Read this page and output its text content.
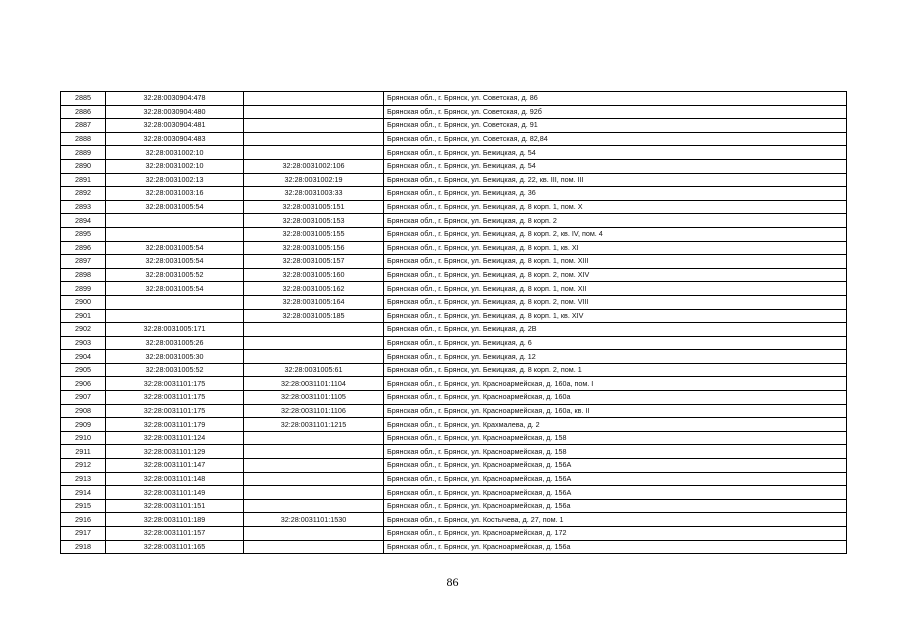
2885	32:28:0030904:478		Брянская обл., г. Брянск, ул. Советская, д. 86
2886	32:28:0030904:480		Брянская обл., г. Брянск, ул. Советская, д. 92б
2887	32:28:0030904:481		Брянская обл., г. Брянск, ул. Советская, д. 91
2888	32:28:0030904:483		Брянская обл., г. Брянск, ул. Советская, д. 82,84
2889	32:28:0031002:10		Брянская обл., г. Брянск, ул. Бежицкая, д. 54
2890	32:28:0031002:10	32:28:0031002:106	Брянская обл., г. Брянск, ул. Бежицкая, д. 54
2891	32:28:0031002:13	32:28:0031002:19	Брянская обл., г. Брянск, ул. Бежицкая, д. 22, кв. III, пом. III
2892	32:28:0031003:16	32:28:0031003:33	Брянская обл., г. Брянск, ул. Бежицкая, д. 36
2893	32:28:0031005:54	32:28:0031005:151	Брянская обл., г. Брянск, ул. Бежицкая, д. 8 корп. 1, пом. X
2894		32:28:0031005:153	Брянская обл., г. Брянск, ул. Бежицкая, д. 8 корп. 2
2895		32:28:0031005:155	Брянская обл., г. Брянск, ул. Бежицкая, д. 8 корп. 2, кв. IV, пом. 4
2896	32:28:0031005:54	32:28:0031005:156	Брянская обл., г. Брянск, ул. Бежицкая, д. 8 корп. 1, кв. XI
2897	32:28:0031005:54	32:28:0031005:157	Брянская обл., г. Брянск, ул. Бежицкая, д. 8 корп. 1, пом. XIII
2898	32:28:0031005:52	32:28:0031005:160	Брянская обл., г. Брянск, ул. Бежицкая, д. 8 корп. 2, пом. XIV
2899	32:28:0031005:54	32:28:0031005:162	Брянская обл., г. Брянск, ул. Бежицкая, д. 8 корп. 1, пом. XII
2900		32:28:0031005:164	Брянская обл., г. Брянск, ул. Бежицкая, д. 8 корп. 2, пом. VIII
2901		32:28:0031005:185	Брянская обл., г. Брянск, ул. Бежицкая, д. 8 корп. 1, кв. XIV
2902	32:28:0031005:171		Брянская обл., г. Брянск, ул. Бежицкая, д. 2В
2903	32:28:0031005:26		Брянская обл., г. Брянск, ул. Бежицкая, д. 6
2904	32:28:0031005:30		Брянская обл., г. Брянск, ул. Бежицкая, д. 12
2905	32:28:0031005:52	32:28:0031005:61	Брянская обл., г. Брянск, ул. Бежицкая, д. 8 корп. 2, пом. 1
2906	32:28:0031101:175	32:28:0031101:1104	Брянская обл., г. Брянск, ул. Красноармейская, д. 160а, пом. I
2907	32:28:0031101:175	32:28:0031101:1105	Брянская обл., г. Брянск, ул. Красноармейская, д. 160а
2908	32:28:0031101:175	32:28:0031101:1106	Брянская обл., г. Брянск, ул. Красноармейская, д. 160а, кв. II
2909	32:28:0031101:179	32:28:0031101:1215	Брянская обл., г. Брянск, ул. Крахмалева, д. 2
2910	32:28:0031101:124		Брянская обл., г. Брянск, ул. Красноармейская, д. 158
2911	32:28:0031101:129		Брянская обл., г. Брянск, ул. Красноармейская, д. 158
2912	32:28:0031101:147		Брянская обл., г. Брянск, ул. Красноармейская, д. 156А
2913	32:28:0031101:148		Брянская обл., г. Брянск, ул. Красноармейская, д. 156А
2914	32:28:0031101:149		Брянская обл., г. Брянск, ул. Красноармейская, д. 156А
2915	32:28:0031101:151		Брянская обл., г. Брянск, ул. Красноармейская, д. 156а
2916	32:28:0031101:189	32:28:0031101:1530	Брянская обл., г. Брянск, ул. Костычева, д. 27, пом. 1
2917	32:28:0031101:157		Брянская обл., г. Брянск, ул. Красноармейская, д. 172
2918	32:28:0031101:165		Брянская обл., г. Брянск, ул. Красноармейская, д. 156а
86
